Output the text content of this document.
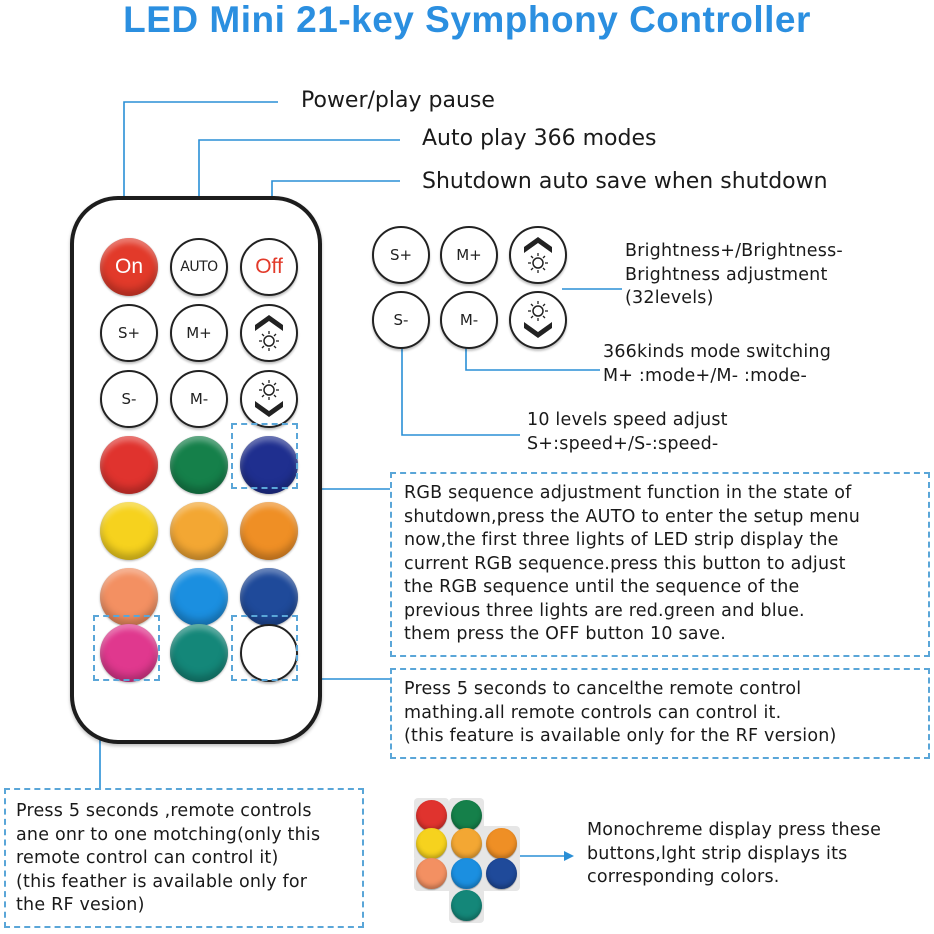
LED Mini 21-key Symphony Controller
Power/play pause
Auto play 366 modes
Shutdown auto save when shutdown
On	AUTO Off
S+	M+
S-	M-
S+	M+
S-	M-
Brightness+/Brightness-
Brightness adjustment
(32levels)
366kinds mode switching
M+ :mode+/M- :mode-
10 levels speed adjust
S+:speed+/S-:speed-
RGB sequence adjustment function in the state of
shutdown,press the AUTO to enter the setup menu
now,the first three lights of LED strip display the
current RGB sequence.press this button to adjust
the RGB sequence until the sequence of the
previous three lights are red.green and blue.
them press the OFF button 10 save.
Press 5 seconds to cancelthe remote control
mathing.all remote controls can control it.
(this feature is available only for the RF version)
Press 5 seconds ,remote controls
ane onr to one motching(only this
remote control can control it)
(this feather is available only for
the RF vesion)
Monochreme display press these
buttons,lght strip displays its
corresponding colors.
